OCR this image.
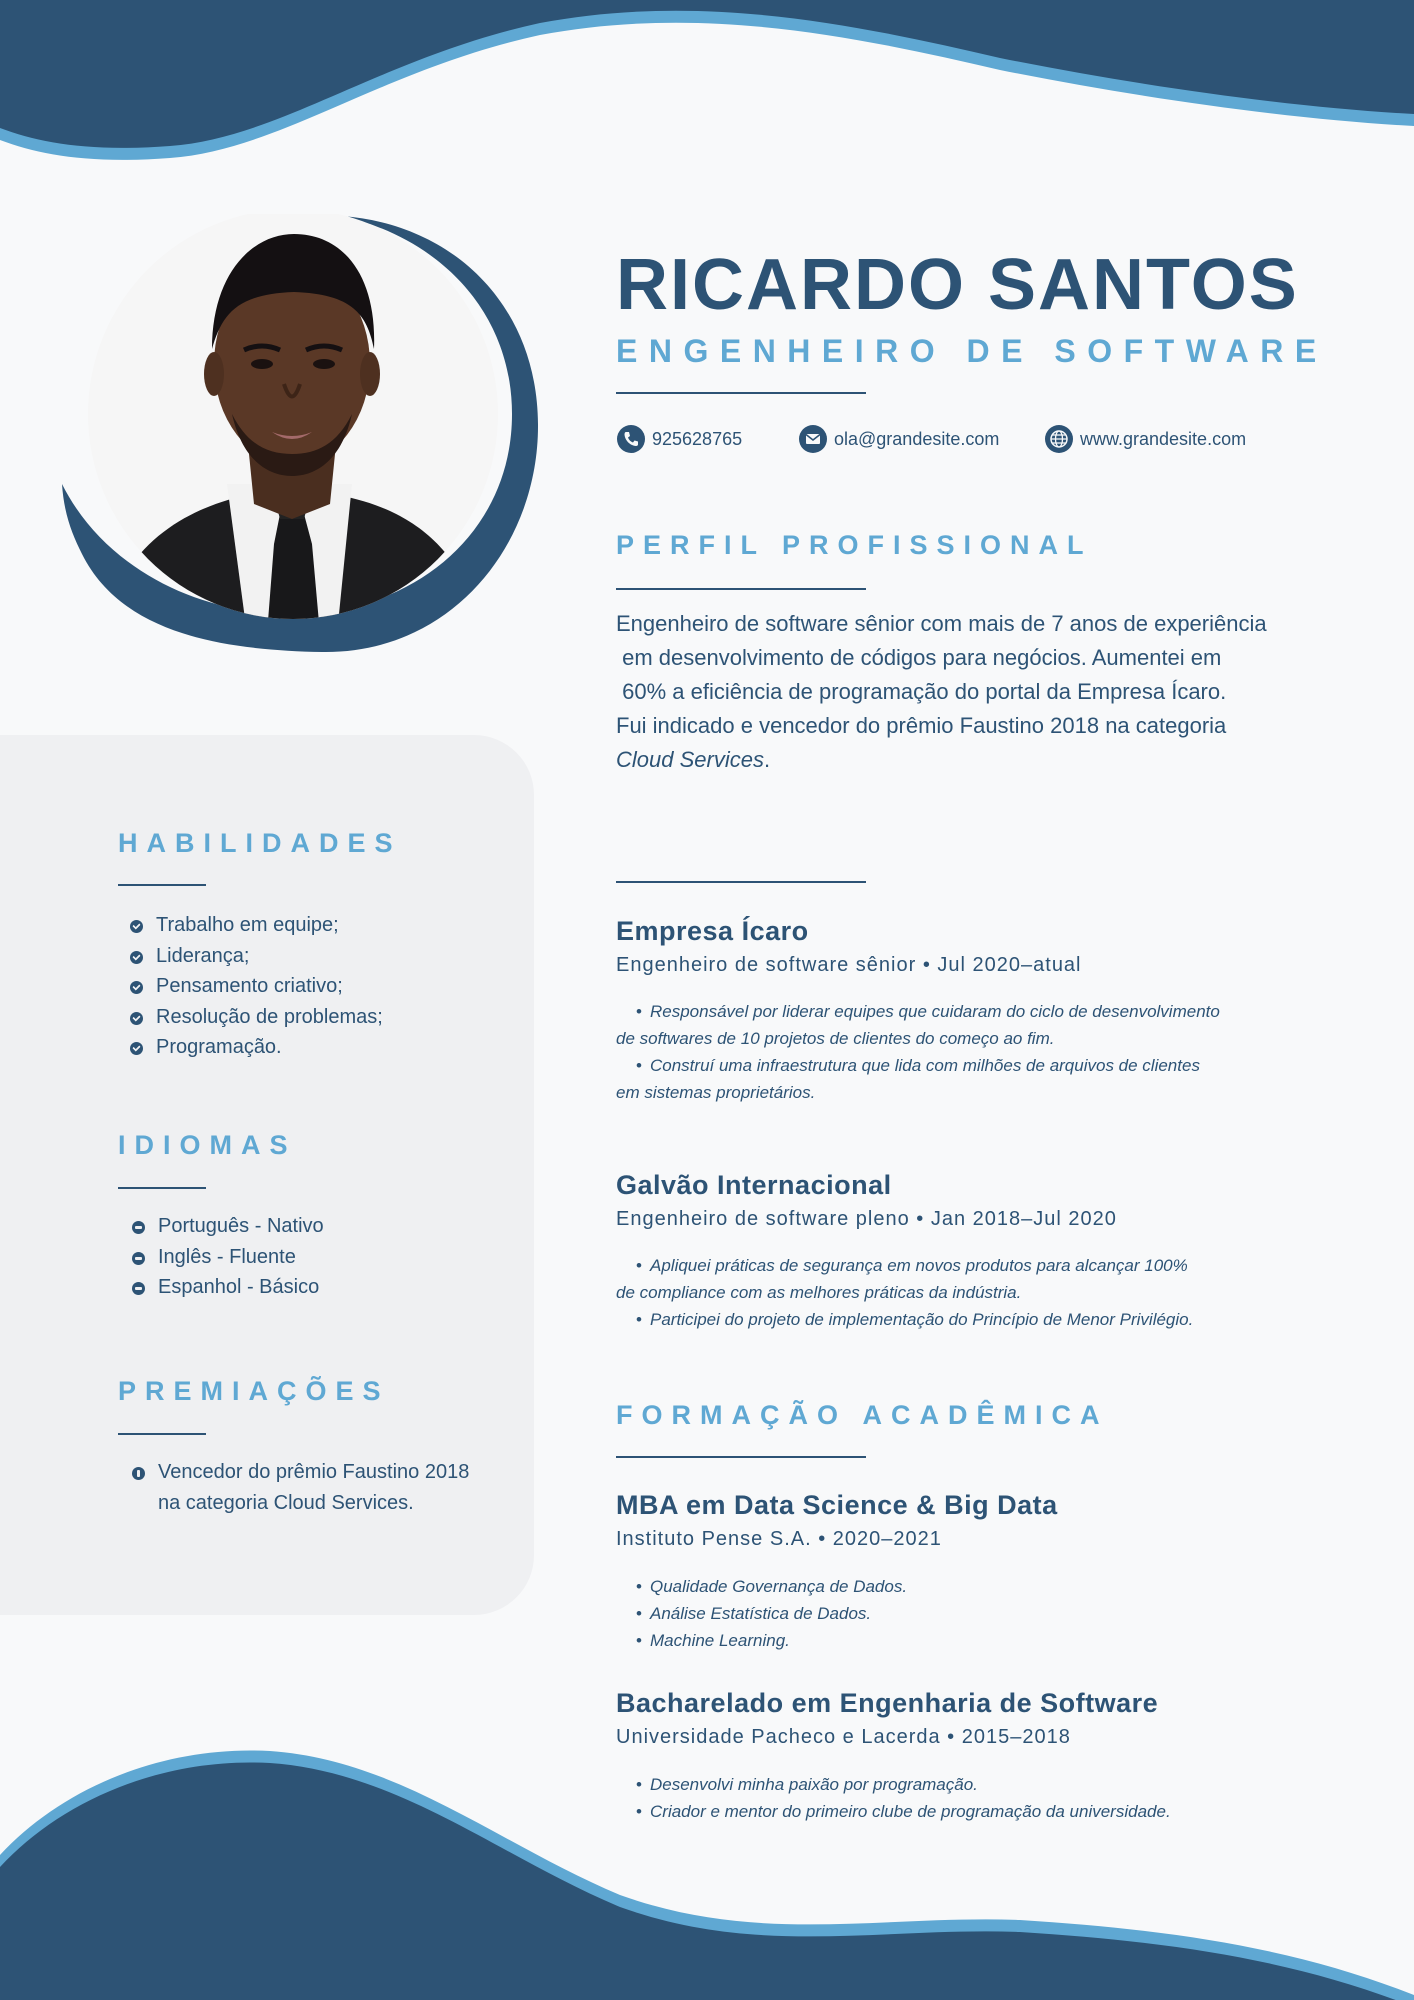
RICARDO SANTOS
ENGENHEIRO DE SOFTWARE
925628765	ola@grandesite.com	www.grandesite.com
PERFIL PROFISSIONAL
Engenheiro de software sênior com mais de 7 anos de experiência
em desenvolvimento de códigos para negócios. Aumentei em
60% a eficiência de programação do portal da Empresa Ícaro.
Fui indicado e vencedor do prêmio Faustino 2018 na categoria
Cloud Services.
HABILIDADES
Trabalho em equipe;
Liderança;
Pensamento criativo;
Resolução de problemas;
Programação.
IDIOMAS
Português - Nativo
Inglês - Fluente
Espanhol - Básico
PREMIAÇÕES
Vencedor do prêmio Faustino 2018
na categoria Cloud Services.
Empresa Ícaro
Engenheiro de software sênior • Jul 2020–atual
• Responsável por liderar equipes que cuidaram do ciclo de desenvolvimento
de softwares de 10 projetos de clientes do começo ao fim.
• Construí uma infraestrutura que lida com milhões de arquivos de clientes
em sistemas proprietários.
Galvão Internacional
Engenheiro de software pleno • Jan 2018–Jul 2020
• Apliquei práticas de segurança em novos produtos para alcançar 100%
de compliance com as melhores práticas da indústria.
• Participei do projeto de implementação do Princípio de Menor Privilégio.
FORMAÇÃO ACADÊMICA
MBA em Data Science & Big Data
Instituto Pense S.A. • 2020–2021
• Qualidade Governança de Dados.
• Análise Estatística de Dados.
• Machine Learning.
Bacharelado em Engenharia de Software
Universidade Pacheco e Lacerda • 2015–2018
• Desenvolvi minha paixão por programação.
• Criador e mentor do primeiro clube de programação da universidade.
